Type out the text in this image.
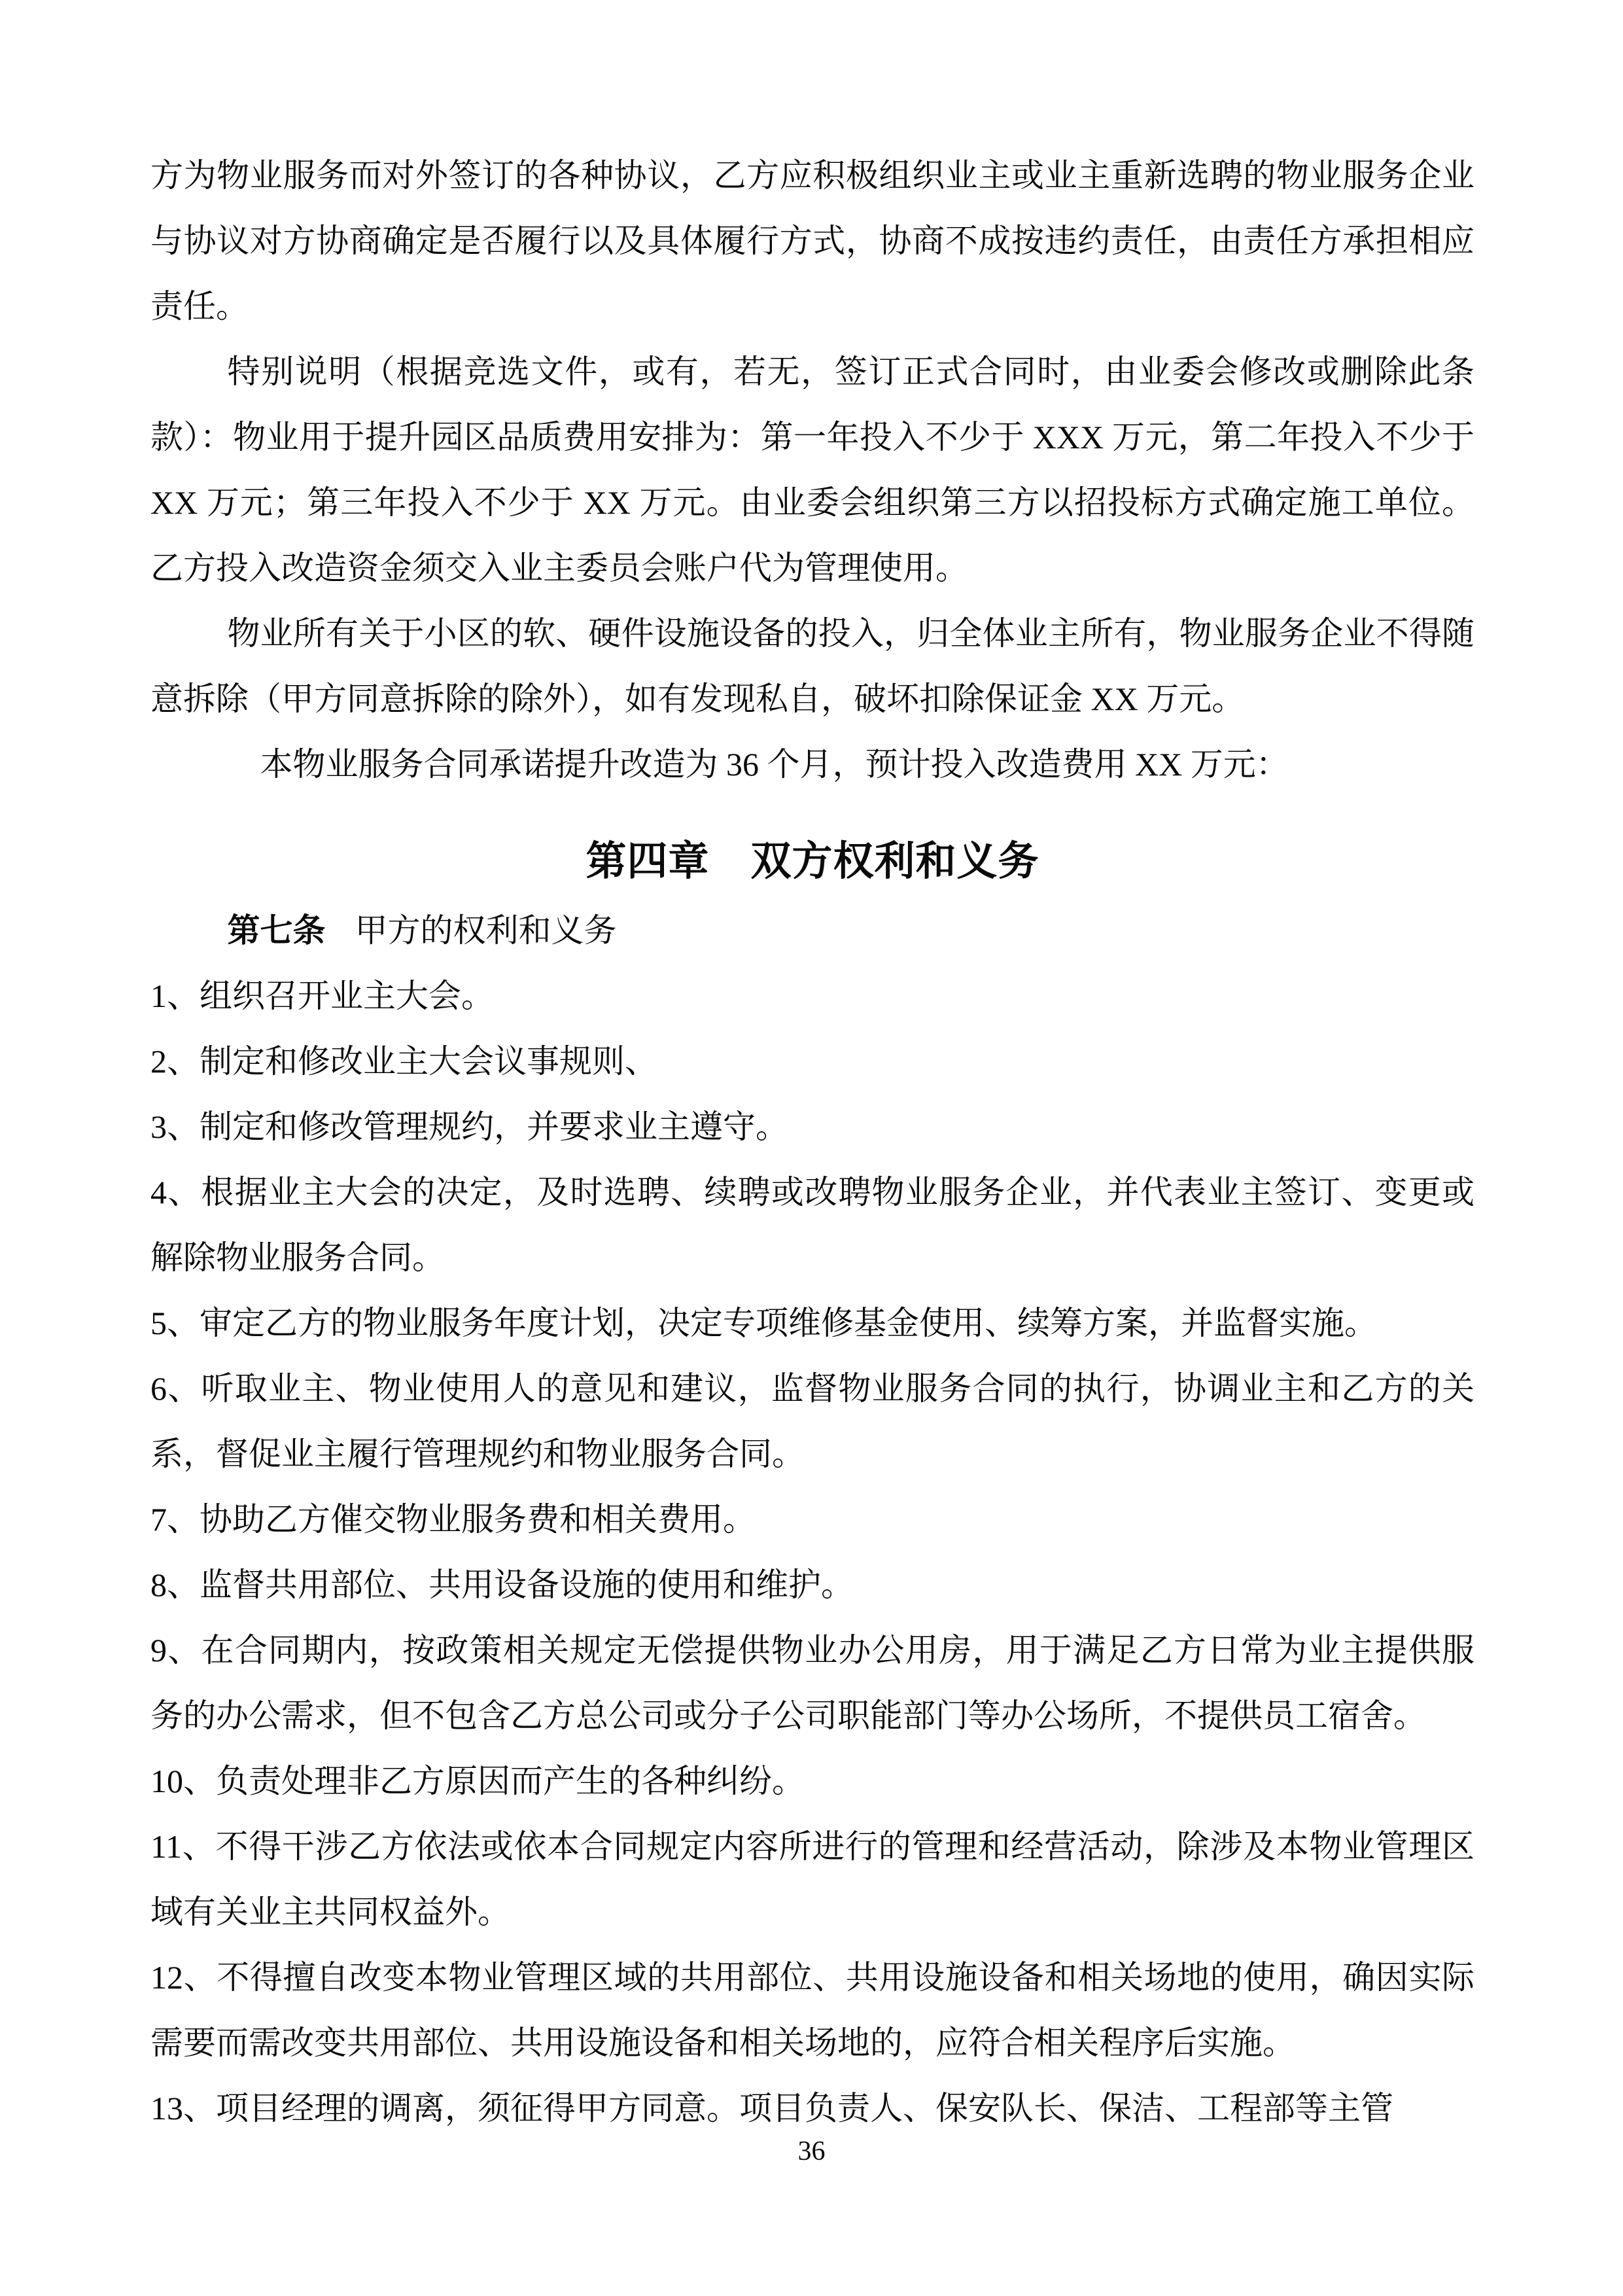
方为物业服务而对外签订的各种协议，乙方应积极组织业主或业主重新选聘的物业服务企业与协议对方协商确定是否履行以及具体履行方式，协商不成按违约责任，由责任方承担相应责任。

特别说明（根据竞选文件，或有，若无，签订正式合同时，由业委会修改或删除此条款）：物业用于提升园区品质费用安排为：第一年投入不少于 XXX 万元，第二年投入不少于 XX 万元；第三年投入不少于 XX 万元。由业委会组织第三方以招投标方式确定施工单位。乙方投入改造资金须交入业主委员会账户代为管理使用。

物业所有关于小区的软、硬件设施设备的投入，归全体业主所有，物业服务企业不得随意拆除（甲方同意拆除的除外），如有发现私自，破坏扣除保证金 XX 万元。

本物业服务合同承诺提升改造为 36 个月，预计投入改造费用 XX 万元：

第四章　双方权利和义务

第七条 甲方的权利和义务

1、组织召开业主大会。

2、制定和修改业主大会议事规则、

3、制定和修改管理规约，并要求业主遵守。

4、根据业主大会的决定，及时选聘、续聘或改聘物业服务企业，并代表业主签订、变更或解除物业服务合同。

5、审定乙方的物业服务年度计划，决定专项维修基金使用、续筹方案，并监督实施。

6、听取业主、物业使用人的意见和建议，监督物业服务合同的执行，协调业主和乙方的关系，督促业主履行管理规约和物业服务合同。

7、协助乙方催交物业服务费和相关费用。

8、监督共用部位、共用设备设施的使用和维护。

9、在合同期内，按政策相关规定无偿提供物业办公用房，用于满足乙方日常为业主提供服务的办公需求，但不包含乙方总公司或分子公司职能部门等办公场所，不提供员工宿舍。

10、负责处理非乙方原因而产生的各种纠纷。

11、不得干涉乙方依法或依本合同规定内容所进行的管理和经营活动，除涉及本物业管理区域有关业主共同权益外。

12、不得擅自改变本物业管理区域的共用部位、共用设施设备和相关场地的使用，确因实际需要而需改变共用部位、共用设施设备和相关场地的，应符合相关程序后实施。

13、项目经理的调离，须征得甲方同意。项目负责人、保安队长、保洁、工程部等主管

36
